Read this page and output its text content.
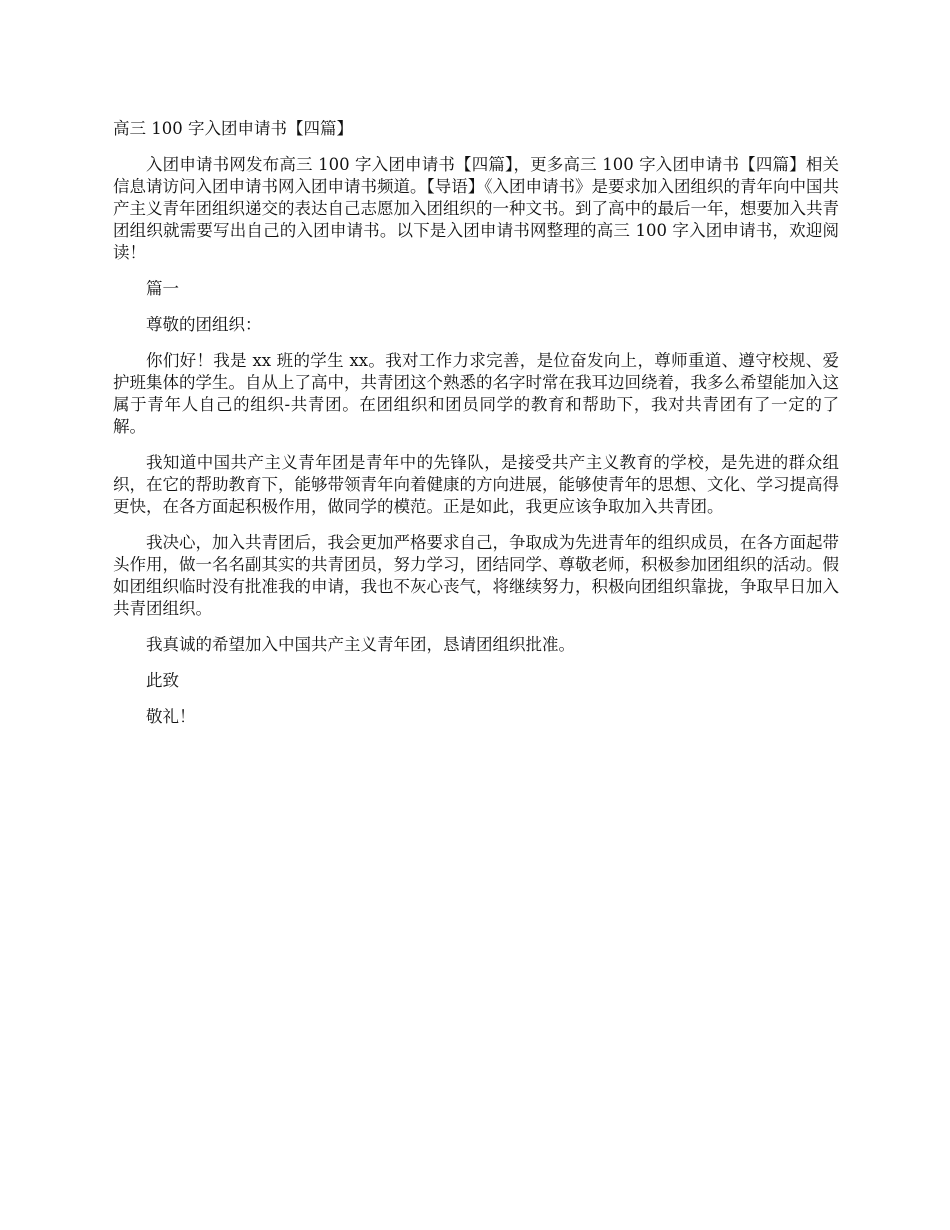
高三 100 字入团申请书【四篇】

入团申请书网发布高三 100 字入团申请书【四篇】，更多高三 100 字入团申请书【四篇】相关信息请访问入团申请书网入团申请书频道。【导语】《入团申请书》是要求加入团组织的青年向中国共产主义青年团组织递交的表达自己志愿加入团组织的一种文书。到了高中的最后一年，想要加入共青团组织就需要写出自己的入团申请书。以下是入团申请书网整理的高三 100 字入团申请书，欢迎阅读！

篇一

尊敬的团组织：

你们好！我是 xx 班的学生 xx。我对工作力求完善，是位奋发向上，尊师重道、遵守校规、爱护班集体的学生。自从上了高中，共青团这个熟悉的名字时常在我耳边回绕着，我多么希望能加入这属于青年人自己的组织-共青团。在团组织和团员同学的教育和帮助下，我对共青团有了一定的了解。

我知道中国共产主义青年团是青年中的先锋队，是接受共产主义教育的学校，是先进的群众组织，在它的帮助教育下，能够带领青年向着健康的方向进展，能够使青年的思想、文化、学习提高得更快，在各方面起积极作用，做同学的模范。正是如此，我更应该争取加入共青团。

我决心，加入共青团后，我会更加严格要求自己，争取成为先进青年的组织成员，在各方面起带头作用，做一名名副其实的共青团员，努力学习，团结同学、尊敬老师，积极参加团组织的活动。假如团组织临时没有批准我的申请，我也不灰心丧气，将继续努力，积极向团组织靠拢，争取早日加入共青团组织。

我真诚的希望加入中国共产主义青年团，恳请团组织批准。

此致

敬礼！
